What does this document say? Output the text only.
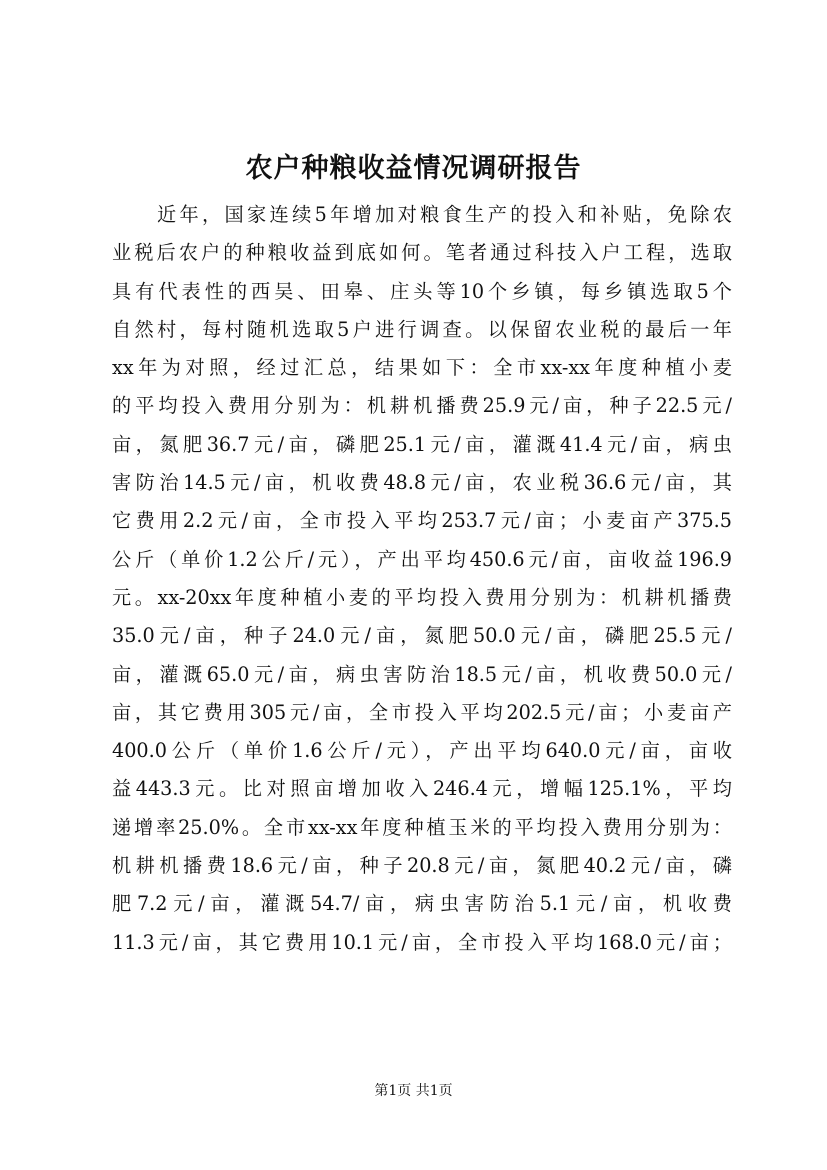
农户种粮收益情况调研报告
近年，国家连续5年增加对粮食生产的投入和补贴，免除农
业税后农户的种粮收益到底如何。笔者通过科技入户工程，选取
具有代表性的西吴、田皋、庄头等10个乡镇，每乡镇选取5个
自然村，每村随机选取5户进行调查。以保留农业税的最后一年
xx年为对照，经过汇总，结果如下：全市xx-xx年度种植小麦
的平均投入费用分别为：机耕机播费25.9元/亩，种子22.5元/
亩，氮肥36.7元/亩，磷肥25.1元/亩，灌溉41.4元/亩，病虫
害防治14.5元/亩，机收费48.8元/亩，农业税36.6元/亩，其
它费用2.2元/亩，全市投入平均253.7元/亩；小麦亩产375.5
公斤（单价1.2公斤/元），产出平均450.6元/亩，亩收益196.9
元。xx-20xx年度种植小麦的平均投入费用分别为：机耕机播费
35.0元/亩，种子24.0元/亩，氮肥50.0元/亩，磷肥25.5元/
亩，灌溉65.0元/亩，病虫害防治18.5元/亩，机收费50.0元/
亩，其它费用305元/亩，全市投入平均202.5元/亩；小麦亩产
400.0公斤（单价1.6公斤/元），产出平均640.0元/亩，亩收
益443.3元。比对照亩增加收入246.4元，增幅125.1%，平均
递增率25.0%。全市xx-xx年度种植玉米的平均投入费用分别为：
机耕机播费18.6元/亩，种子20.8元/亩，氮肥40.2元/亩，磷
肥7.2元/亩，灌溉54.7/亩，病虫害防治5.1元/亩，机收费
11.3元/亩，其它费用10.1元/亩，全市投入平均168.0元/亩；
第1页 共1页
